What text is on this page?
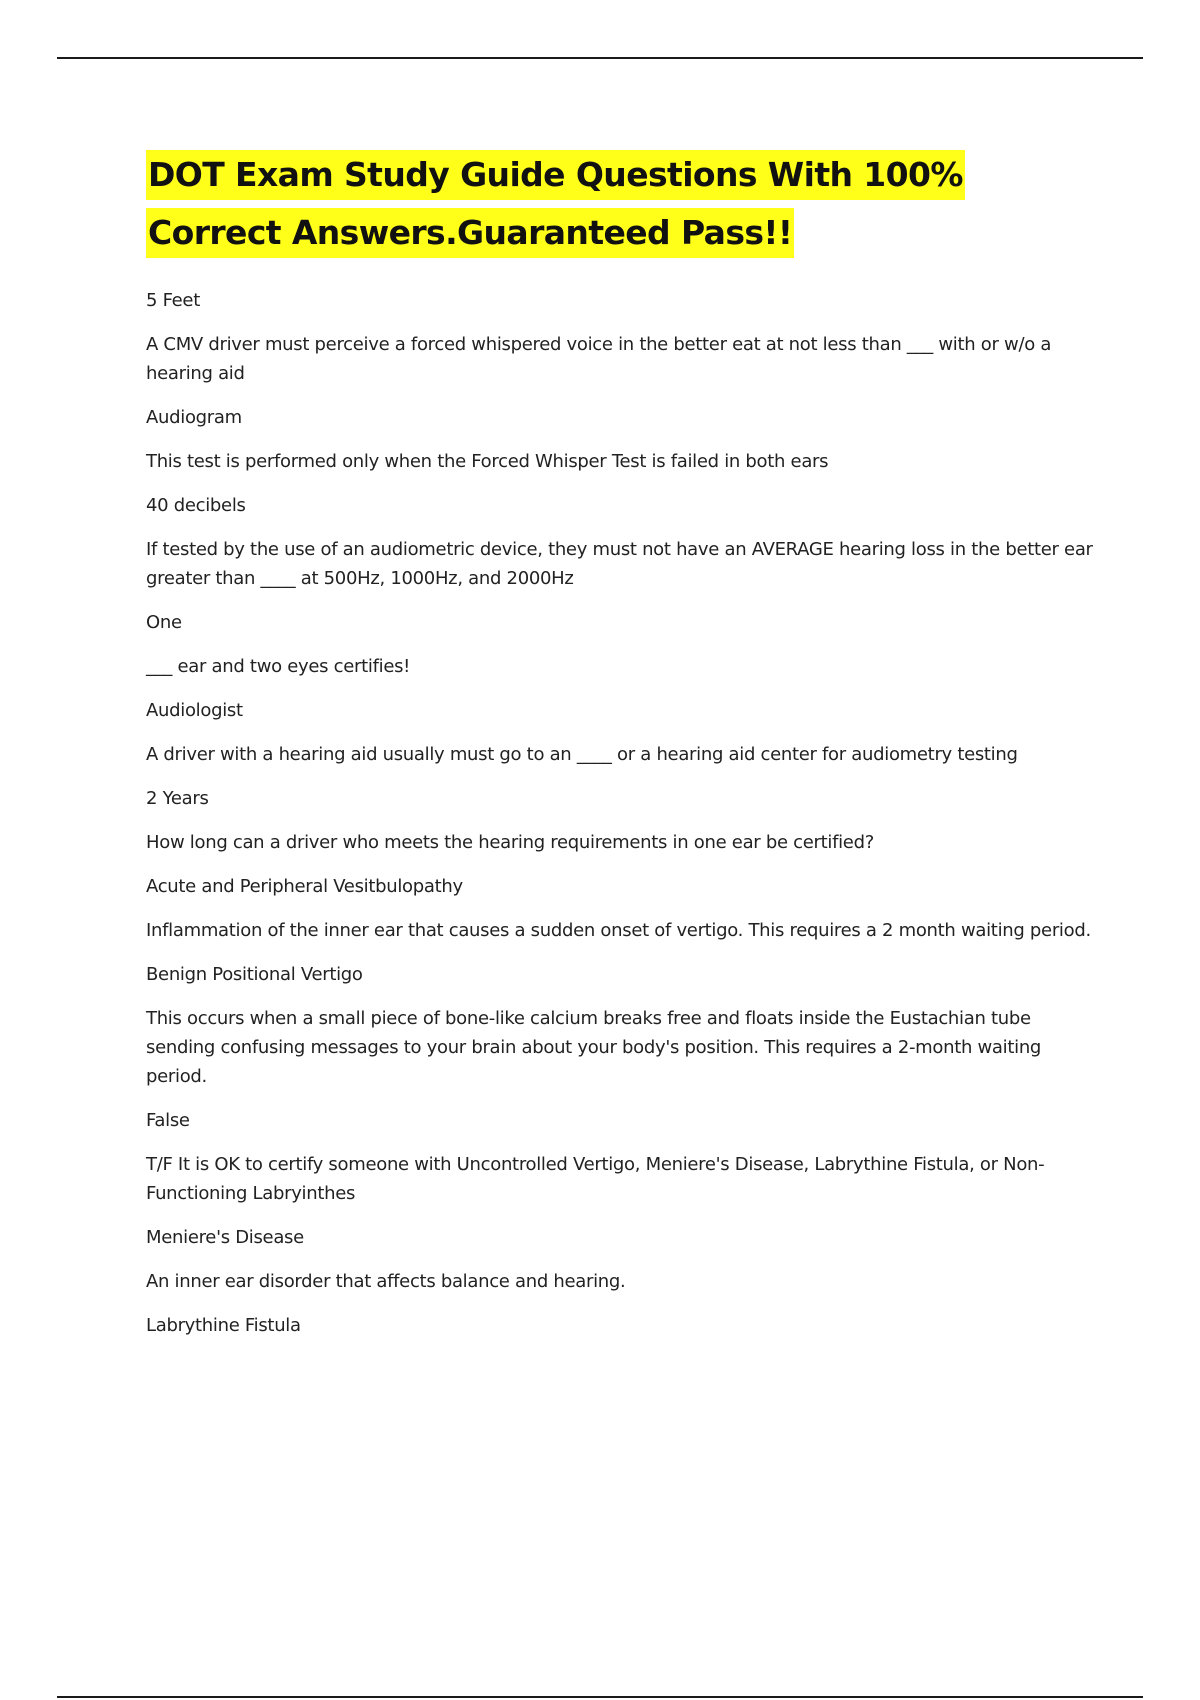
DOT Exam Study Guide Questions With 100% Correct Answers.Guaranteed Pass!!
5 Feet
A CMV driver must perceive a forced whispered voice in the better eat at not less than ___ with or w/o a hearing aid
Audiogram
This test is performed only when the Forced Whisper Test is failed in both ears
40 decibels
If tested by the use of an audiometric device, they must not have an AVERAGE hearing loss in the better ear greater than ____ at 500Hz, 1000Hz, and 2000Hz
One
___ ear and two eyes certifies!
Audiologist
A driver with a hearing aid usually must go to an ____ or a hearing aid center for audiometry testing
2 Years
How long can a driver who meets the hearing requirements in one ear be certified?
Acute and Peripheral Vesitbulopathy
Inflammation of the inner ear that causes a sudden onset of vertigo. This requires a 2 month waiting period.
Benign Positional Vertigo
This occurs when a small piece of bone-like calcium breaks free and floats inside the Eustachian tube sending confusing messages to your brain about your body's position. This requires a 2-month waiting period.
False
T/F It is OK to certify someone with Uncontrolled Vertigo, Meniere's Disease, Labrythine Fistula, or Non-Functioning Labryinthes
Meniere's Disease
An inner ear disorder that affects balance and hearing.
Labrythine Fistula
